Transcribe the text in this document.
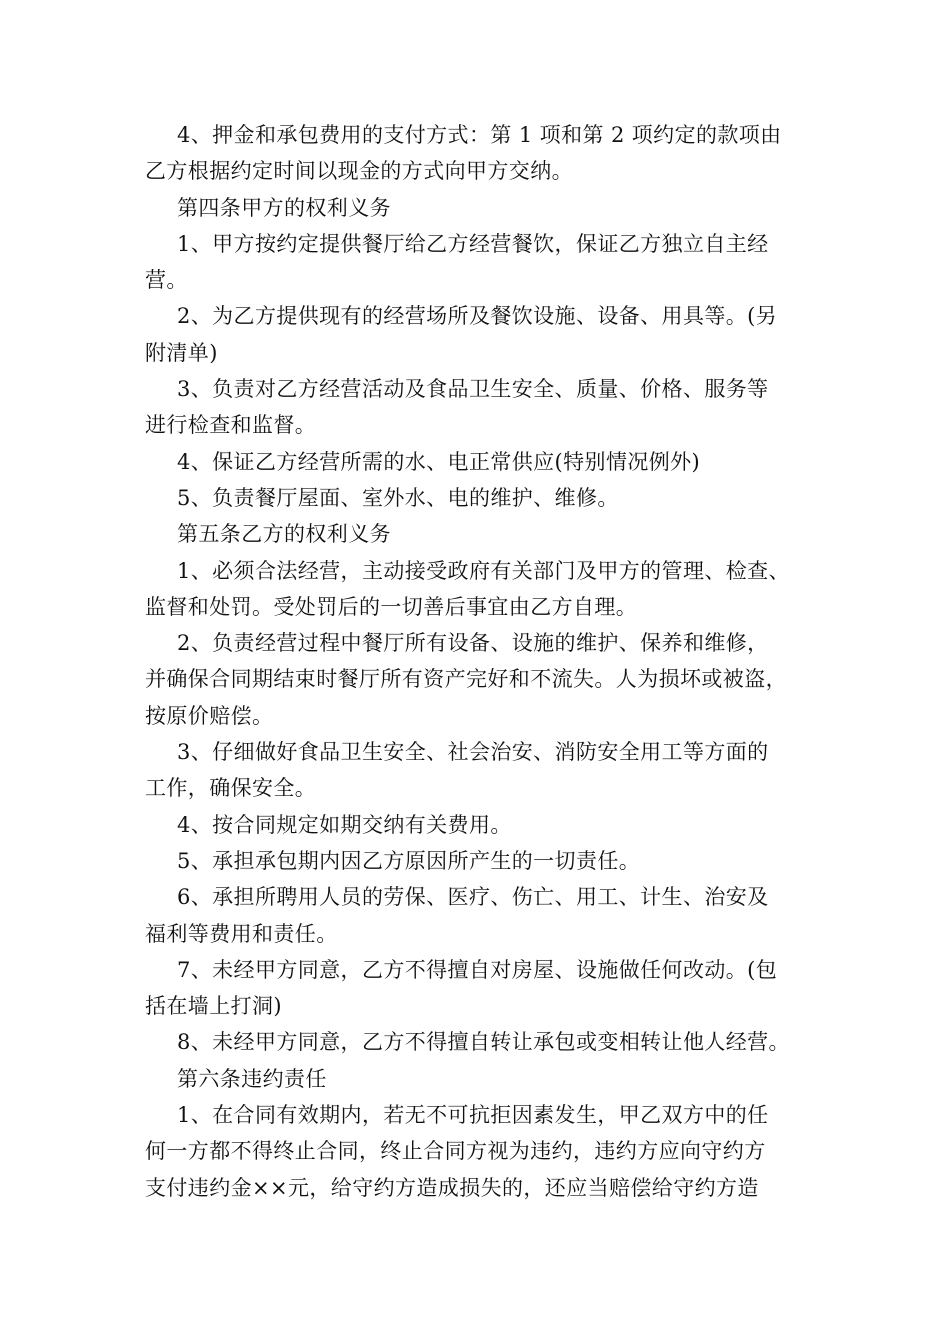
4、押金和承包费用的支付方式：第 1 项和第 2 项约定的款项由
乙方根据约定时间以现金的方式向甲方交纳。
第四条甲方的权利义务
1、甲方按约定提供餐厅给乙方经营餐饮，保证乙方独立自主经
营。
2、为乙方提供现有的经营场所及餐饮设施、设备、用具等。(另
附清单)
3、负责对乙方经营活动及食品卫生安全、质量、价格、服务等
进行检查和监督。
4、保证乙方经营所需的水、电正常供应(特别情况例外)
5、负责餐厅屋面、室外水、电的维护、维修。
第五条乙方的权利义务
1、必须合法经营，主动接受政府有关部门及甲方的管理、检查、
监督和处罚。受处罚后的一切善后事宜由乙方自理。
2、负责经营过程中餐厅所有设备、设施的维护、保养和维修，
并确保合同期结束时餐厅所有资产完好和不流失。人为损坏或被盗，
按原价赔偿。
3、仔细做好食品卫生安全、社会治安、消防安全用工等方面的
工作，确保安全。
4、按合同规定如期交纳有关费用。
5、承担承包期内因乙方原因所产生的一切责任。
6、承担所聘用人员的劳保、医疗、伤亡、用工、计生、治安及
福利等费用和责任。
7、未经甲方同意，乙方不得擅自对房屋、设施做任何改动。(包
括在墙上打洞)
8、未经甲方同意，乙方不得擅自转让承包或变相转让他人经营。
第六条违约责任
1、在合同有效期内，若无不可抗拒因素发生，甲乙双方中的任
何一方都不得终止合同，终止合同方视为违约，违约方应向守约方
支付违约金××元，给守约方造成损失的，还应当赔偿给守约方造
